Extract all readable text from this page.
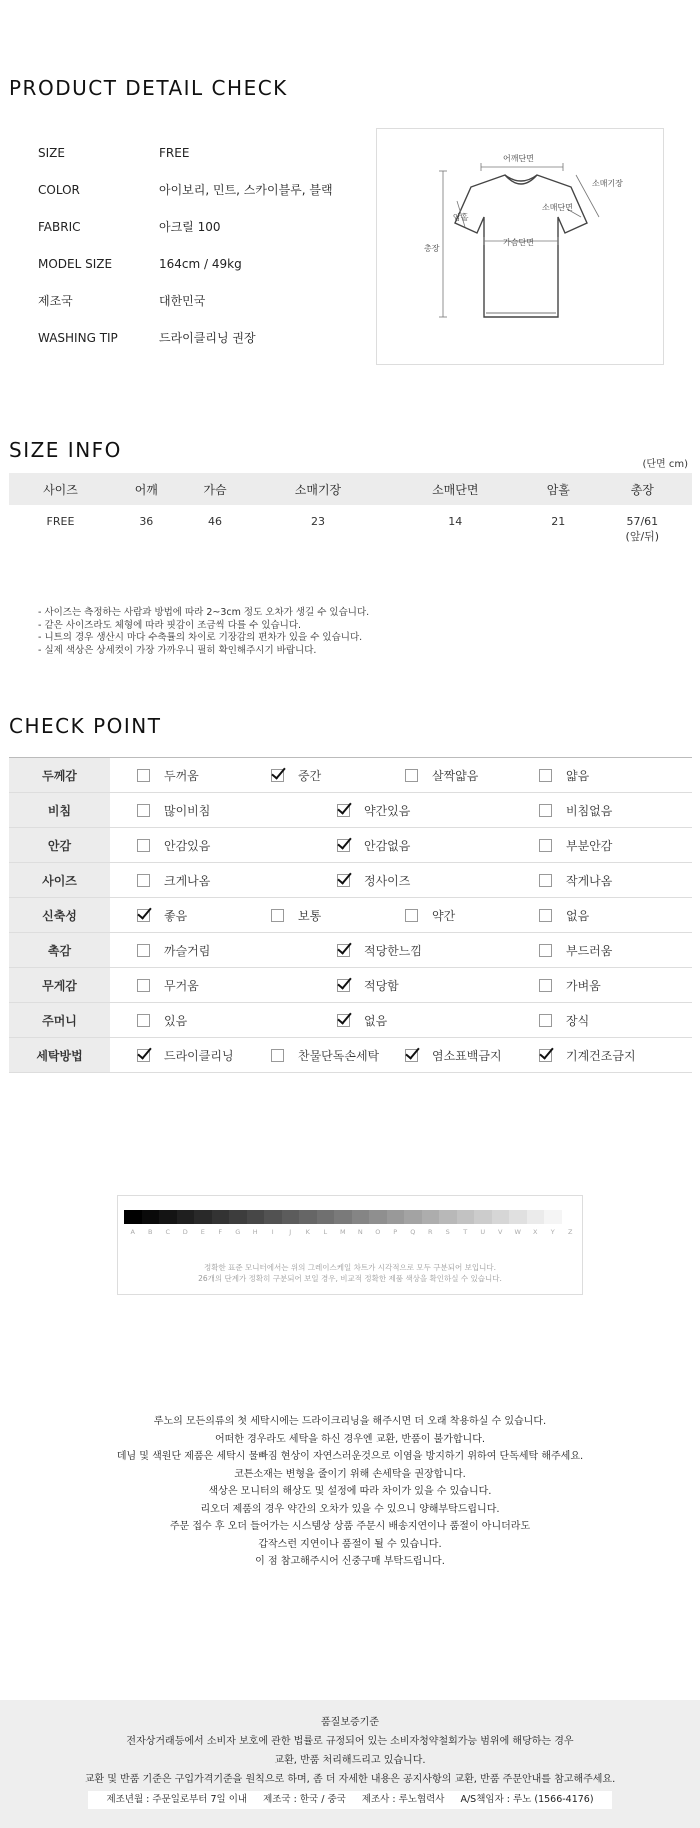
PRODUCT DETAIL CHECK
SIZE	FREE
COLOR	아이보리, 민트, 스카이블루, 블랙
FABRIC	아크릴 100
MODEL SIZE	164cm / 49kg
제조국	대한민국
WASHING TIP	드라이클리닝 권장
어깨단면
소매기장
암홀
소매단면
가슴단면
총장
SIZE INFO
(단면 cm)
사이즈	어깨	가슴	소매기장	소매단면	암홀	총장
FREE	36	46	23	14	21	57/61
(앞/뒤)
- 사이즈는 측정하는 사람과 방법에 따라 2~3cm 정도 오차가 생길 수 있습니다.
- 같은 사이즈라도 체형에 따라 핏감이 조금씩 다를 수 있습니다.
- 니트의 경우 생산시 마다 수축률의 차이로 기장감의 편차가 있을 수 있습니다.
- 실제 색상은 상세컷이 가장 가까우니 필히 확인해주시기 바랍니다.
CHECK POINT
두께감	두꺼움	중간	살짝얇음	얇음
비침	많이비침	약간있음	비침없음
안감	안감있음	안감없음	부분안감
사이즈	크게나옴	정사이즈	작게나옴
신축성	좋음	보통	약간	없음
촉감	까슬거림	적당한느낌	부드러움
무게감	무거움	적당함	가벼움
주머니	있음	없음	장식
세탁방법	드라이클리닝	찬물단독손세탁	염소표백금지	기계건조금지
A	B	C	D	E	F	G	H	I	J	K	L	M	N	O	P	Q	R	S	T	U	V	W	X	Y	Z
정확한 표준 모니터에서는 위의 그레이스케일 차트가 시각적으로 모두 구분되어 보입니다.
26개의 단계가 정확히 구분되어 보일 경우, 비교적 정확한 제품 색상을 확인하실 수 있습니다.
루노의 모든의류의 첫 세탁시에는 드라이크리닝을 해주시면 더 오래 착용하실 수 있습니다.
어떠한 경우라도 세탁을 하신 경우엔 교환, 반품이 불가합니다.
데님 및 색원단 제품은 세탁시 물빠짐 현상이 자연스러운것으로 이염을 방지하기 위하여 단독세탁 해주세요.
코튼소재는 변형을 줄이기 위해 손세탁을 권장합니다.
색상은 모니터의 해상도 및 설정에 따라 차이가 있을 수 있습니다.
리오더 제품의 경우 약간의 오차가 있을 수 있으니 양해부탁드립니다.
주문 접수 후 오더 들어가는 시스템상 상품 주문시 배송지연이나 품절이 아니더라도
갑작스런 지연이나 품절이 될 수 있습니다.
이 점 참고해주시어 신중구매 부탁드립니다.
품질보증기준
전자상거래등에서 소비자 보호에 관한 법률로 규정되어 있는 소비자청약철회가능 범위에 해당하는 경우
교환, 반품 처리해드리고 있습니다.
교환 및 반품 기준은 구입가격기준을 원칙으로 하며, 좀 더 자세한 내용은 공지사항의 교환, 반품 주문안내를 참고해주세요.
제조년월 : 주문일로부터 7일 이내 제조국 : 한국 / 중국 제조사 : 루노협력사 A/S책임자 : 루노 (1566-4176)
